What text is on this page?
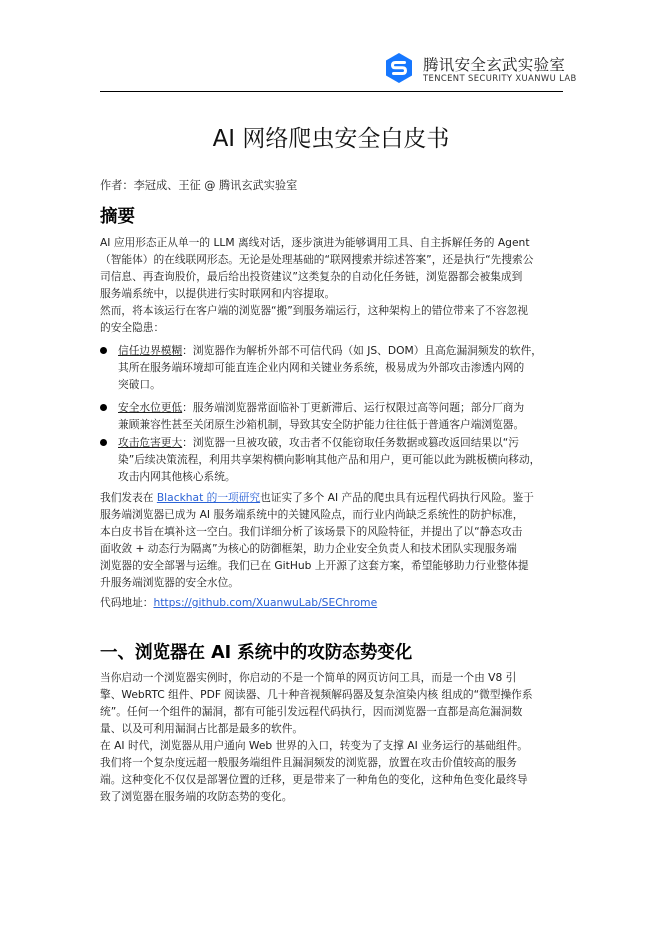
腾讯安全玄武实验室
TENCENT SECURITY XUANWU LAB
AI 网络爬虫安全白皮书
作者：李冠成、王征 @ 腾讯玄武实验室
摘要
AI 应用形态正从单一的 LLM 离线对话，逐步演进为能够调用工具、自主拆解任务的 Agent
（智能体）的在线联网形态。无论是处理基础的“联网搜索并综述答案”，还是执行“先搜索公
司信息、再查询股价，最后给出投资建议”这类复杂的自动化任务链，浏览器都会被集成到
服务端系统中，以提供进行实时联网和内容提取。
然而，将本该运行在客户端的浏览器“搬”到服务端运行，这种架构上的错位带来了不容忽视
的安全隐患：
信任边界模糊：浏览器作为解析外部不可信代码（如 JS、DOM）且高危漏洞频发的软件，
其所在服务端环境却可能直连企业内网和关键业务系统，极易成为外部攻击渗透内网的
突破口。
安全水位更低：服务端浏览器常面临补丁更新滞后、运行权限过高等问题；部分厂商为
兼顾兼容性甚至关闭原生沙箱机制，导致其安全防护能力往往低于普通客户端浏览器。
攻击危害更大：浏览器一旦被攻破，攻击者不仅能窃取任务数据或篡改返回结果以“污
染”后续决策流程，利用共享架构横向影响其他产品和用户，更可能以此为跳板横向移动，
攻击内网其他核心系统。
我们发表在 Blackhat 的一项研究也证实了多个 AI 产品的爬虫具有远程代码执行风险。鉴于
服务端浏览器已成为 AI 服务端系统中的关键风险点，而行业内尚缺乏系统性的防护标准，
本白皮书旨在填补这一空白。我们详细分析了该场景下的风险特征，并提出了以“静态攻击
面收敛 + 动态行为隔离”为核心的防御框架，助力企业安全负责人和技术团队实现服务端
浏览器的安全部署与运维。我们已在 GitHub 上开源了这套方案，希望能够助力行业整体提
升服务端浏览器的安全水位。
代码地址：https://github.com/XuanwuLab/SEChrome
一、浏览器在 AI 系统中的攻防态势变化
当你启动一个浏览器实例时，你启动的不是一个简单的网页访问工具，而是一个由 V8 引
擎、WebRTC 组件、PDF 阅读器、几十种音视频解码器及复杂渲染内核 组成的“微型操作系
统”。任何一个组件的漏洞，都有可能引发远程代码执行，因而浏览器一直都是高危漏洞数
量、以及可利用漏洞占比都是最多的软件。
在 AI 时代，浏览器从用户通向 Web 世界的入口，转变为了支撑 AI 业务运行的基础组件。
我们将一个复杂度远超一般服务端组件且漏洞频发的浏览器，放置在攻击价值较高的服务
端。这种变化不仅仅是部署位置的迁移，更是带来了一种角色的变化，这种角色变化最终导
致了浏览器在服务端的攻防态势的变化。
